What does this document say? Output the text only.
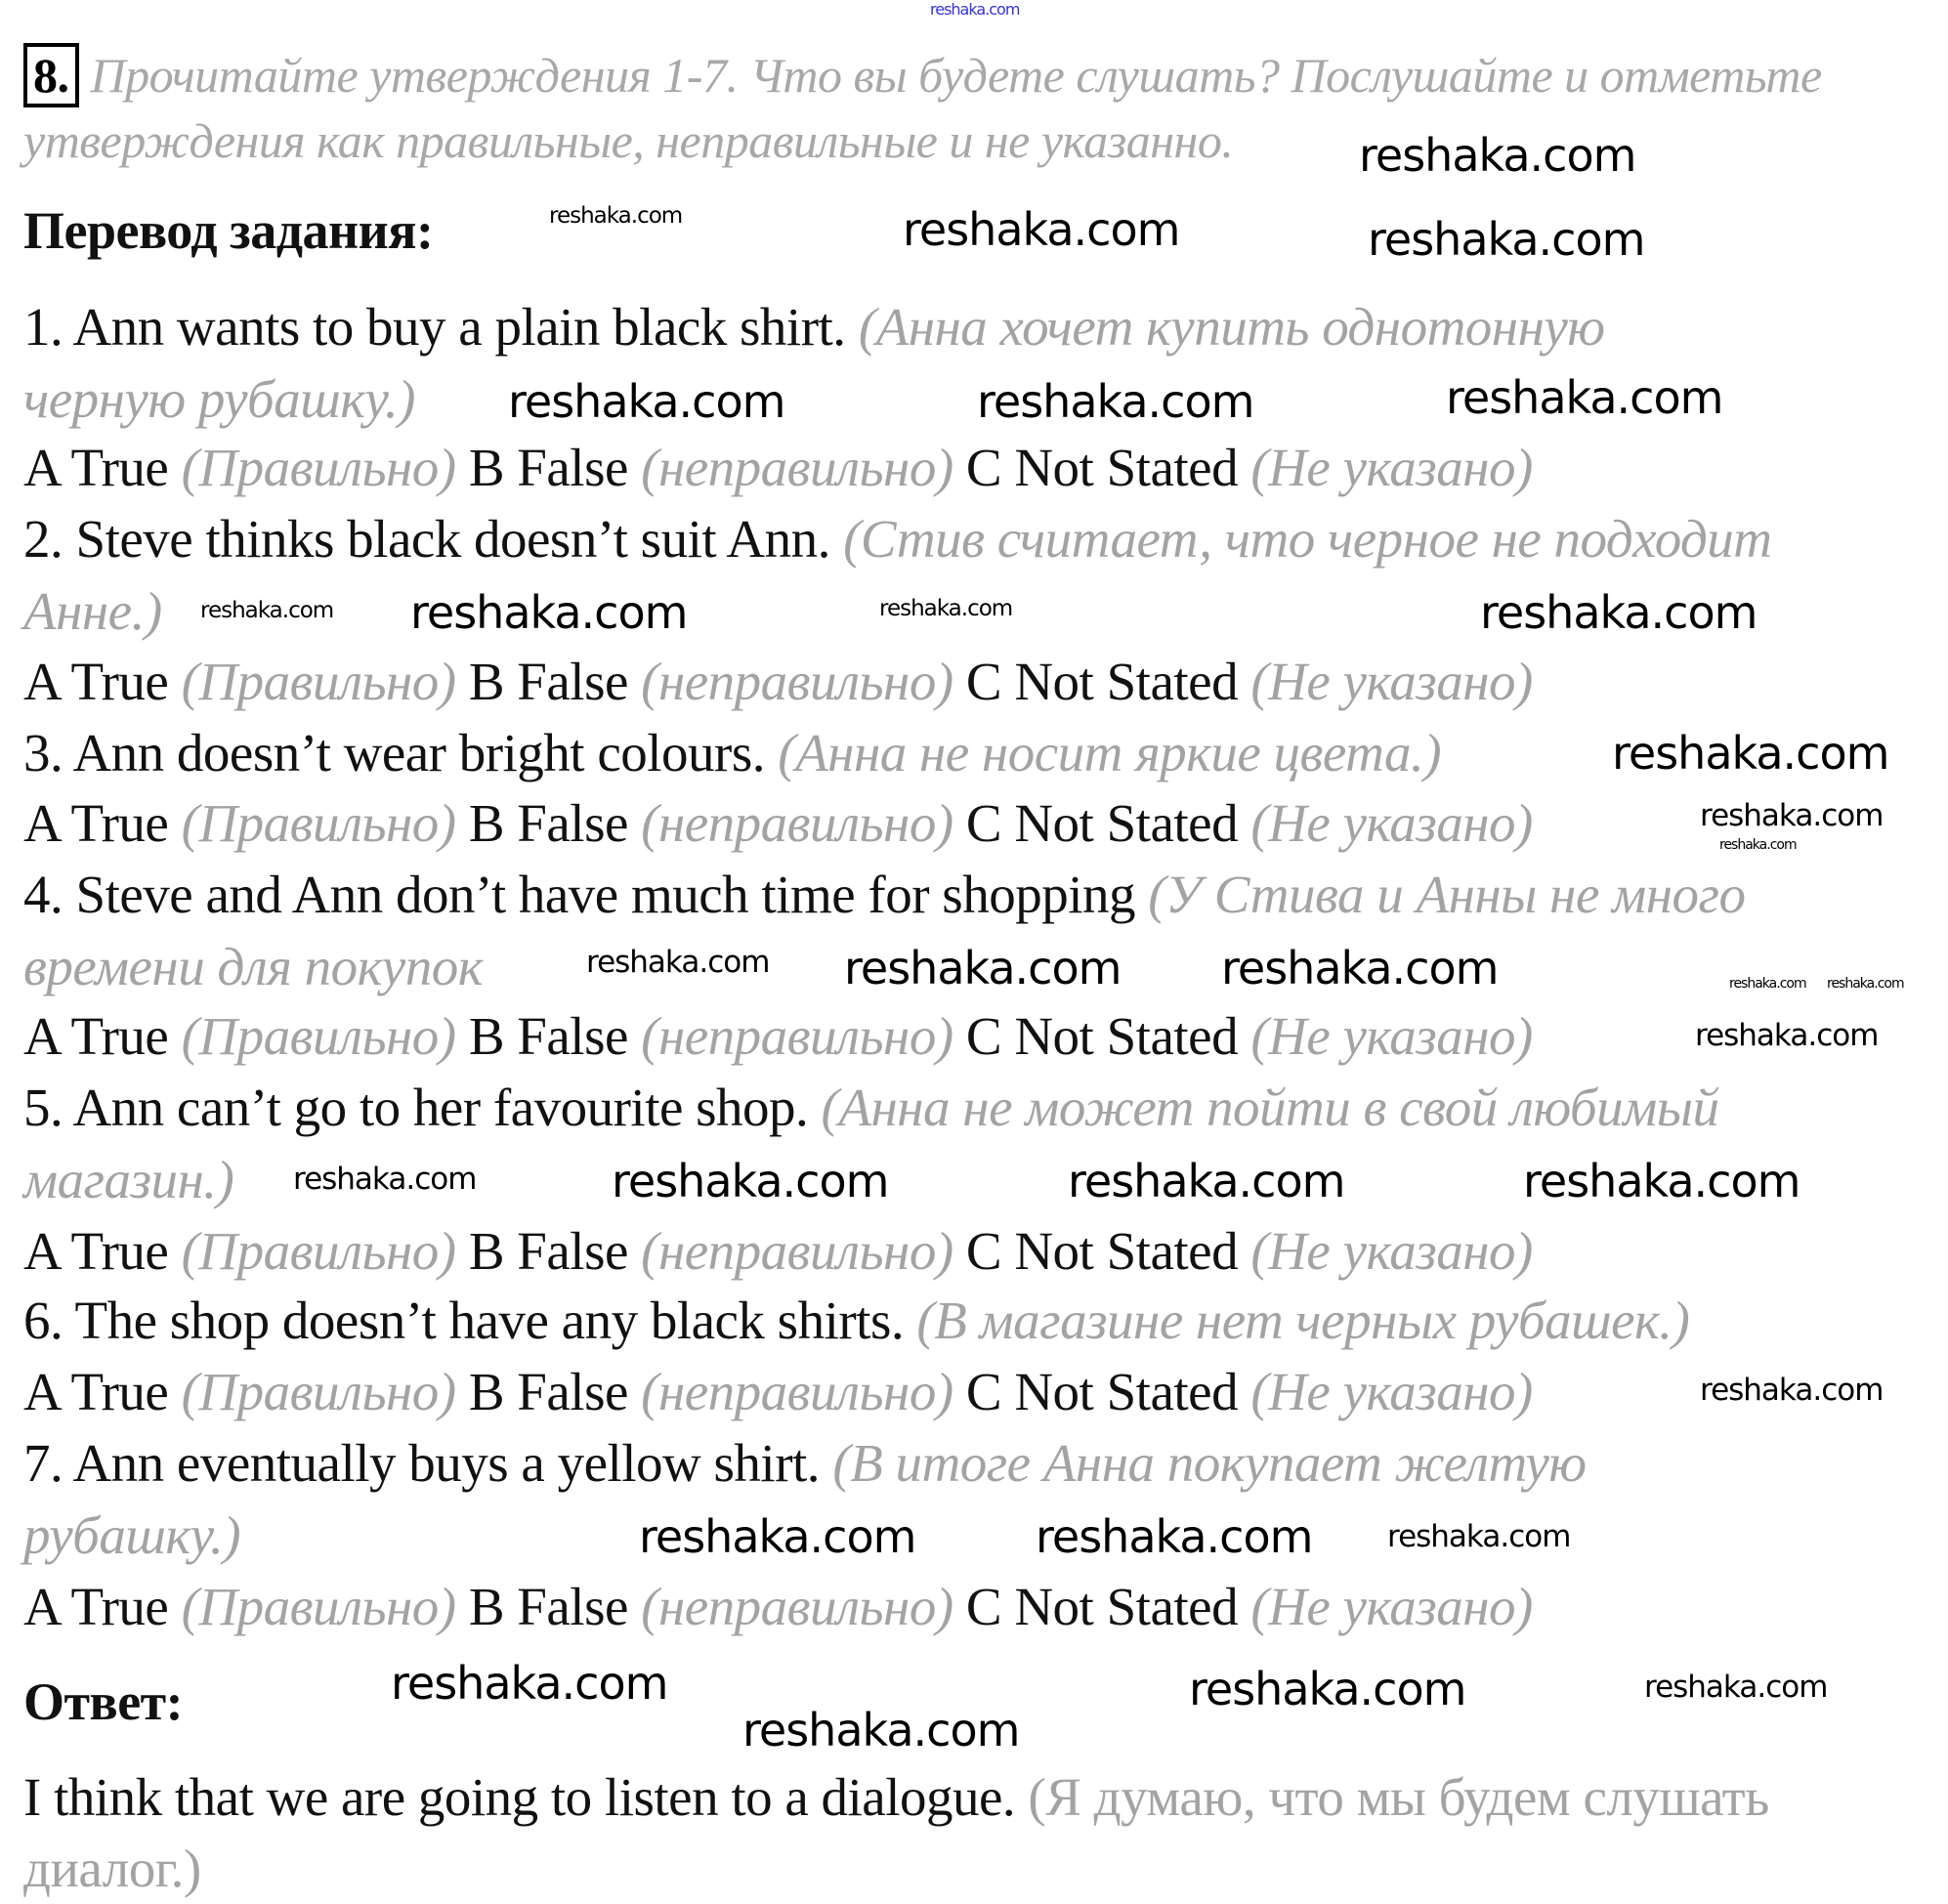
reshaka.com
8. Прочитайте утверждения 1-7. Что вы будете слушать? Послушайте и отметьте
утверждения как правильные, неправильные и не указанно.
Перевод задания:
1. Ann wants to buy a plain black shirt. (Анна хочет купить однотонную
черную рубашку.)
A True (Правильно) B False (неправильно) C Not Stated (Не указано)
2. Steve thinks black doesn’t suit Ann. (Стив считает, что черное не подходит
Анне.)
A True (Правильно) B False (неправильно) C Not Stated (Не указано)
3. Ann doesn’t wear bright colours. (Анна не носит яркие цвета.)
A True (Правильно) B False (неправильно) C Not Stated (Не указано)
4. Steve and Ann don’t have much time for shopping (У Стива и Анны не много
времени для покупок
A True (Правильно) B False (неправильно) C Not Stated (Не указано)
5. Ann can’t go to her favourite shop. (Анна не может пойти в свой любимый
магазин.)
A True (Правильно) B False (неправильно) C Not Stated (Не указано)
6. The shop doesn’t have any black shirts. (В магазине нет черных рубашек.)
A True (Правильно) B False (неправильно) C Not Stated (Не указано)
7. Ann eventually buys a yellow shirt. (В итоге Анна покупает желтую
рубашку.)
A True (Правильно) B False (неправильно) C Not Stated (Не указано)
Ответ:
I think that we are going to listen to a dialogue. (Я думаю, что мы будем слушать
диалог.)
reshaka.com
reshaka.com
reshaka.com	reshaka.com
reshaka.com
reshaka.com	reshaka.com
reshaka.com	reshaka.com
reshaka.com reshaka.com
reshaka.com
reshaka.com
reshaka.com
reshaka.com
reshaka.com reshaka.com reshaka.com	reshaka.com
reshaka.com
reshaka.com	reshaka.com	reshaka.com
reshaka.com
reshaka.com
reshaka.com reshaka.com
reshaka.com
reshaka.com	reshaka.com	reshaka.com
reshaka.com
